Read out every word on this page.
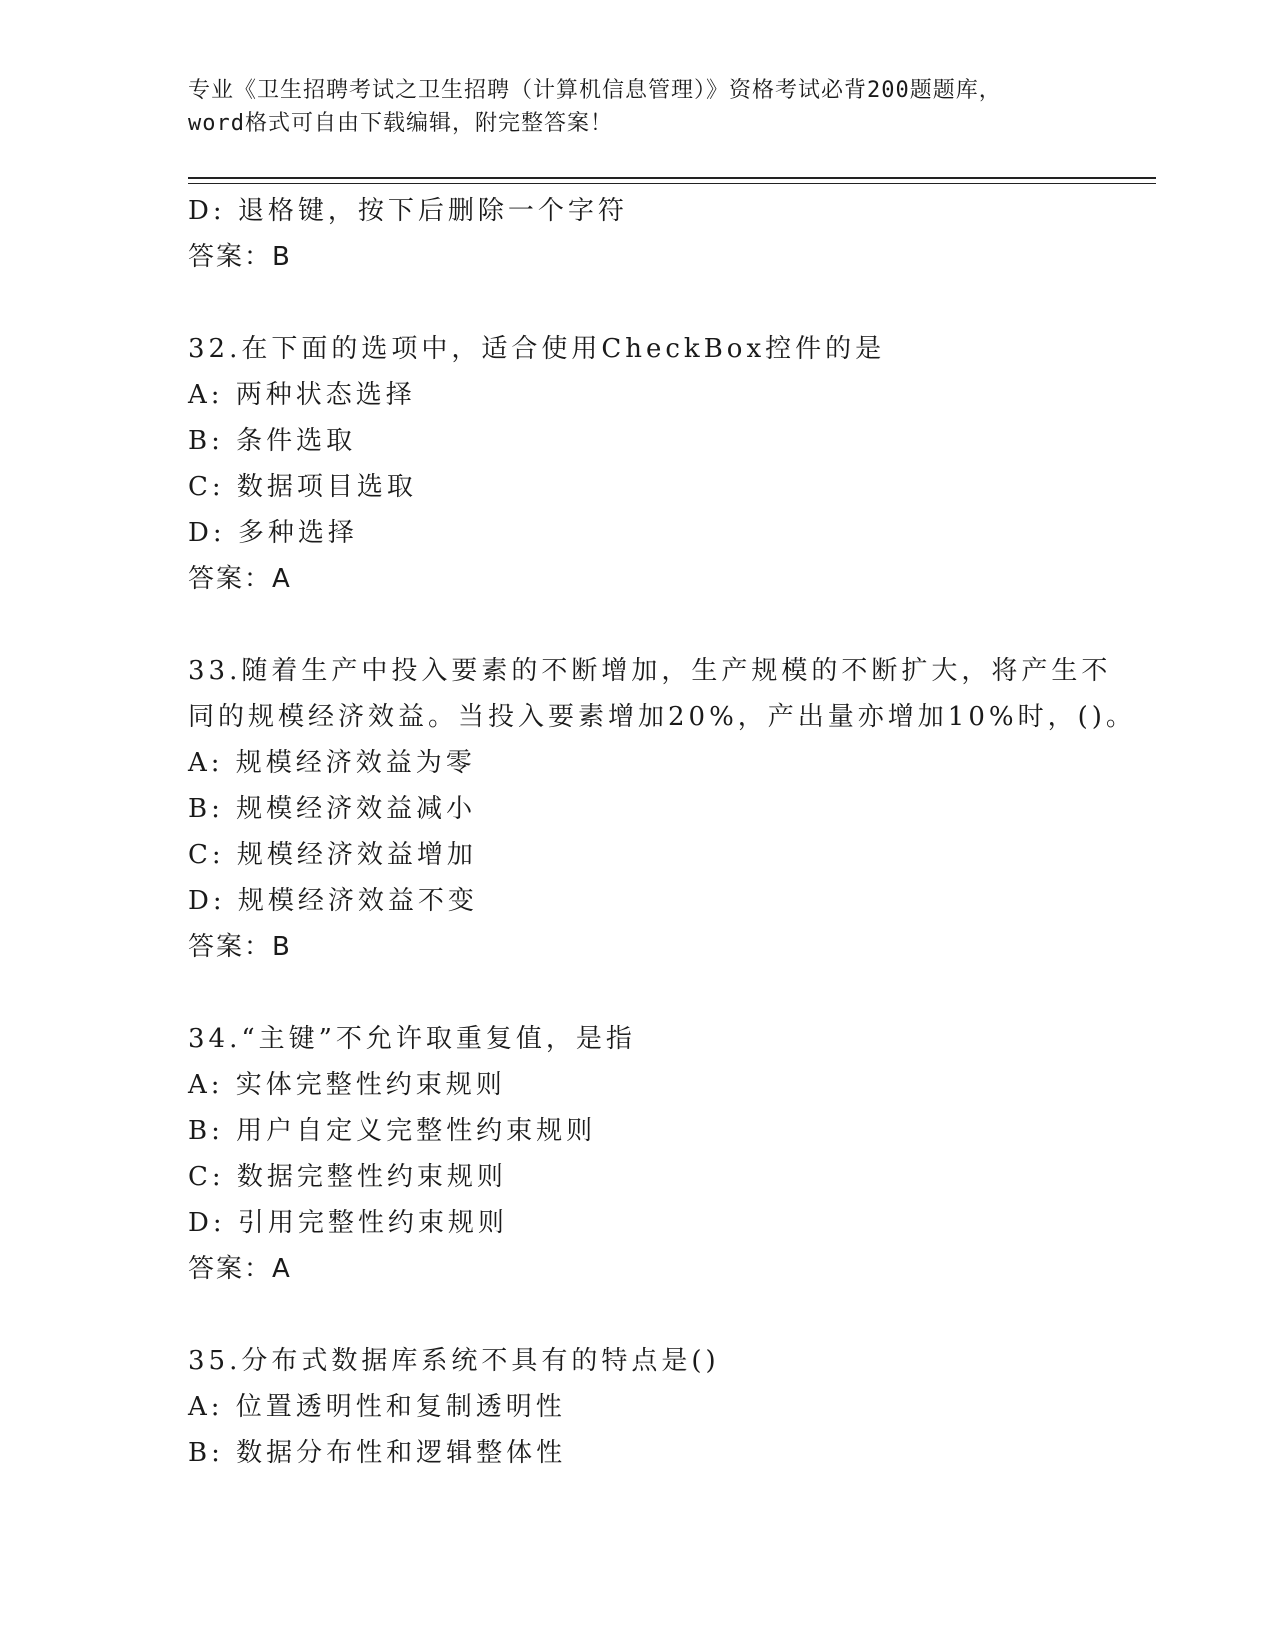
专业《卫生招聘考试之卫生招聘（计算机信息管理）》资格考试必背200题题库，
word格式可自由下载编辑，附完整答案！
D: 退格键，按下后删除一个字符
答案：B
32.在下面的选项中，适合使用CheckBox控件的是
A: 两种状态选择
B: 条件选取
C: 数据项目选取
D: 多种选择
答案：A
33.随着生产中投入要素的不断增加，生产规模的不断扩大，将产生不
同的规模经济效益。当投入要素增加20%，产出量亦增加10%时，()。
A: 规模经济效益为零
B: 规模经济效益减小
C: 规模经济效益增加
D: 规模经济效益不变
答案：B
34.“主键”不允许取重复值，是指
A: 实体完整性约束规则
B: 用户自定义完整性约束规则
C: 数据完整性约束规则
D: 引用完整性约束规则
答案：A
35.分布式数据库系统不具有的特点是()
A: 位置透明性和复制透明性
B: 数据分布性和逻辑整体性
